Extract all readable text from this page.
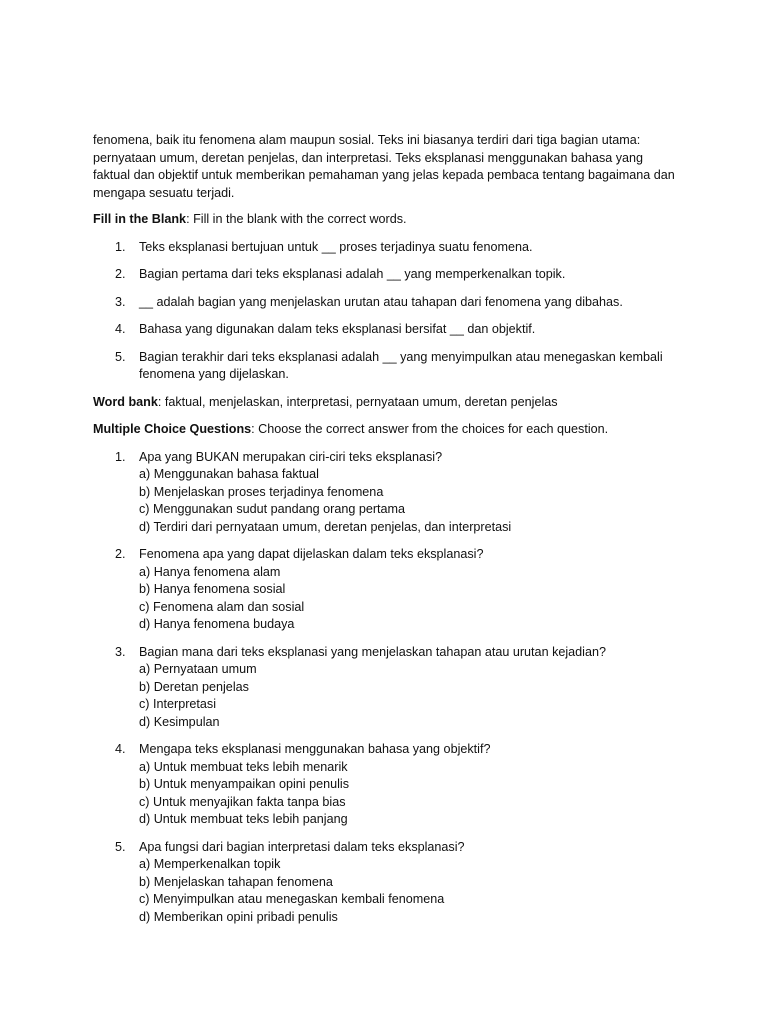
fenomena, baik itu fenomena alam maupun sosial. Teks ini biasanya terdiri dari tiga bagian utama: pernyataan umum, deretan penjelas, dan interpretasi. Teks eksplanasi menggunakan bahasa yang faktual dan objektif untuk memberikan pemahaman yang jelas kepada pembaca tentang bagaimana dan mengapa sesuatu terjadi.

Fill in the Blank: Fill in the blank with the correct words.

1. Teks eksplanasi bertujuan untuk __ proses terjadinya suatu fenomena.
2. Bagian pertama dari teks eksplanasi adalah __ yang memperkenalkan topik.
3. __ adalah bagian yang menjelaskan urutan atau tahapan dari fenomena yang dibahas.
4. Bahasa yang digunakan dalam teks eksplanasi bersifat __ dan objektif.
5. Bagian terakhir dari teks eksplanasi adalah __ yang menyimpulkan atau menegaskan kembali fenomena yang dijelaskan.

Word bank: faktual, menjelaskan, interpretasi, pernyataan umum, deretan penjelas

Multiple Choice Questions: Choose the correct answer from the choices for each question.

1. Apa yang BUKAN merupakan ciri-ciri teks eksplanasi?
a) Menggunakan bahasa faktual
b) Menjelaskan proses terjadinya fenomena
c) Menggunakan sudut pandang orang pertama
d) Terdiri dari pernyataan umum, deretan penjelas, dan interpretasi
2. Fenomena apa yang dapat dijelaskan dalam teks eksplanasi?
a) Hanya fenomena alam
b) Hanya fenomena sosial
c) Fenomena alam dan sosial
d) Hanya fenomena budaya
3. Bagian mana dari teks eksplanasi yang menjelaskan tahapan atau urutan kejadian?
a) Pernyataan umum
b) Deretan penjelas
c) Interpretasi
d) Kesimpulan
4. Mengapa teks eksplanasi menggunakan bahasa yang objektif?
a) Untuk membuat teks lebih menarik
b) Untuk menyampaikan opini penulis
c) Untuk menyajikan fakta tanpa bias
d) Untuk membuat teks lebih panjang
5. Apa fungsi dari bagian interpretasi dalam teks eksplanasi?
a) Memperkenalkan topik
b) Menjelaskan tahapan fenomena
c) Menyimpulkan atau menegaskan kembali fenomena
d) Memberikan opini pribadi penulis
